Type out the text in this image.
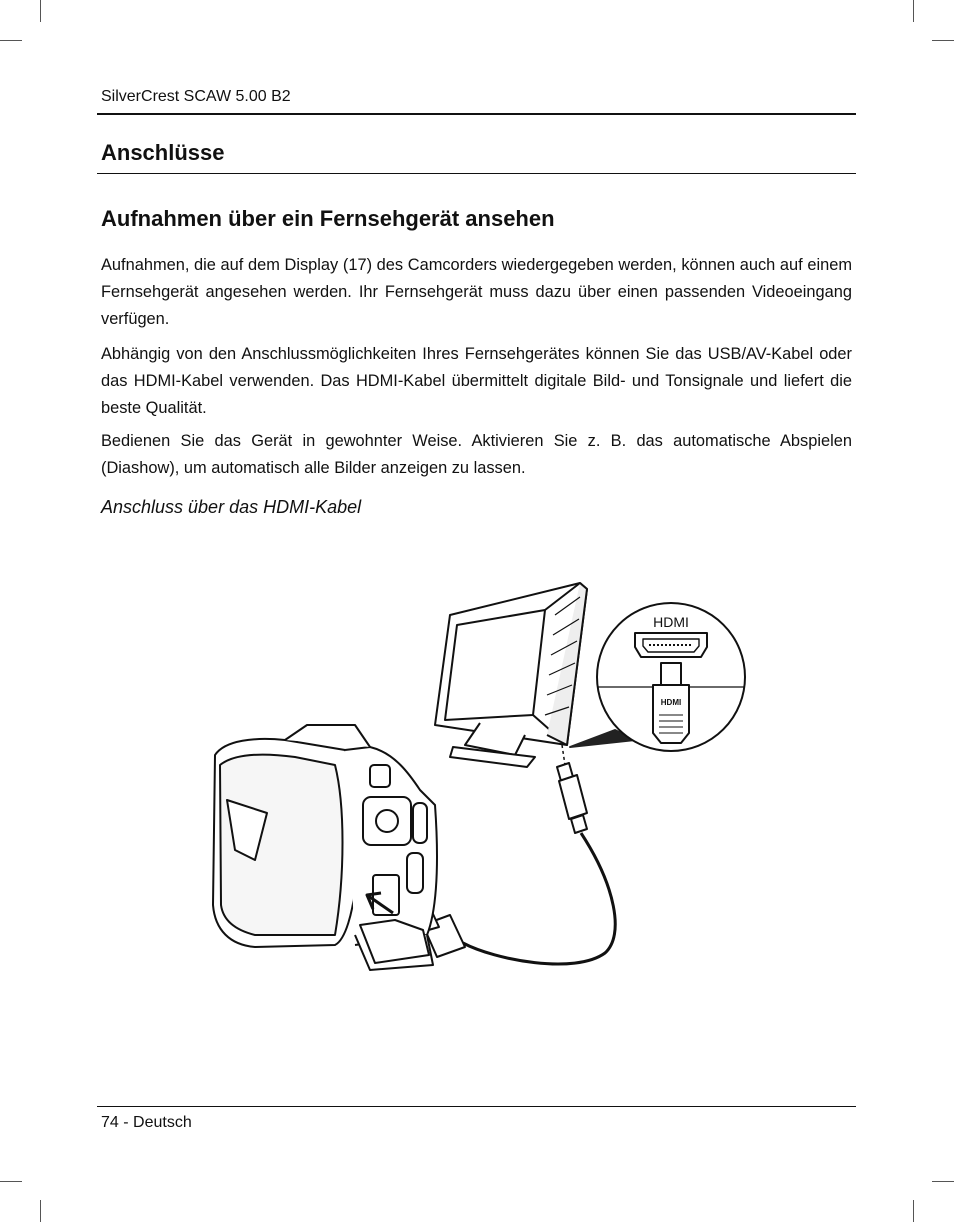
SilverCrest SCAW 5.00 B2
Anschlüsse
Aufnahmen über ein Fernsehgerät ansehen

Aufnahmen, die auf dem Display (17) des Camcorders wiedergegeben werden, können auch auf einem Fernsehgerät angesehen werden. Ihr Fernsehgerät muss dazu über einen passenden Videoeingang verfügen.

Abhängig von den Anschlussmöglichkeiten Ihres Fernsehgerätes können Sie das USB/AV-Kabel oder das HDMI-Kabel verwenden. Das HDMI-Kabel übermittelt digitale Bild- und Tonsignale und liefert die beste Qualität.

Bedienen Sie das Gerät in gewohnter Weise. Aktivieren Sie z. B. das automatische Abspielen (Diashow), um automatisch alle Bilder anzeigen zu lassen.

Anschluss über das HDMI-Kabel
HDMI
HDMI
74 - Deutsch
